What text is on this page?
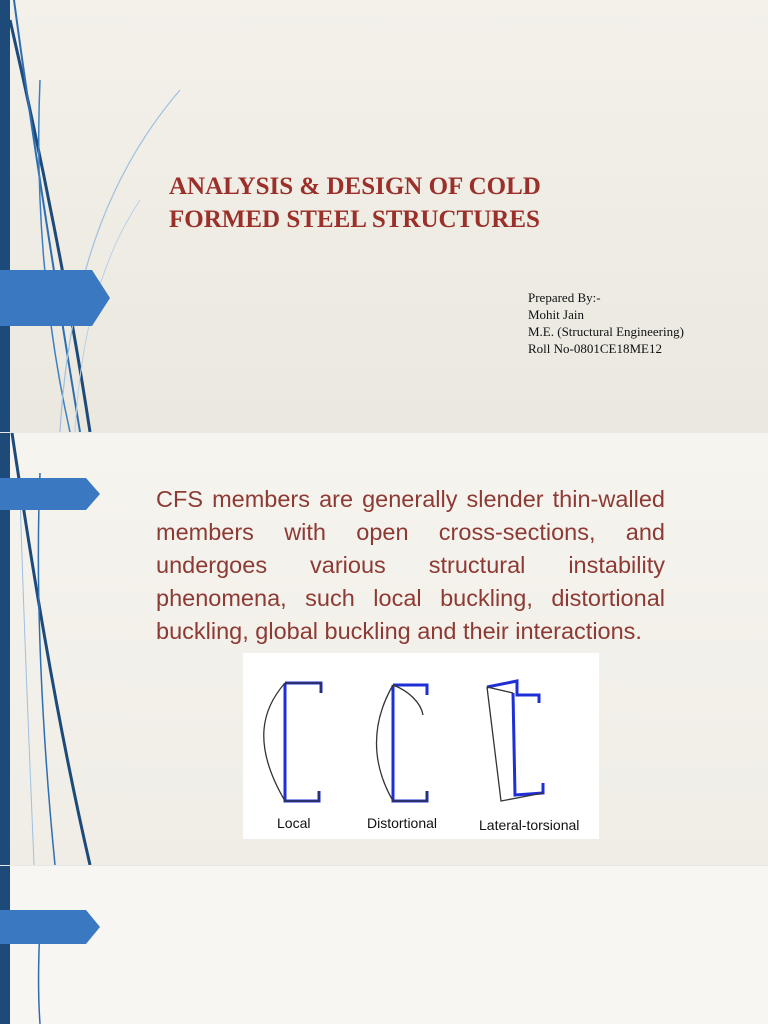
ANALYSIS & DESIGN OF COLD FORMED STEEL STRUCTURES
Prepared By:-
Mohit Jain
M.E. (Structural Engineering)
Roll No-0801CE18ME12
CFS members are generally slender thin-walled members with open cross-sections, and undergoes various structural instability phenomena, such local buckling, distortional buckling, global buckling and their interactions.
Local	Distortional	Lateral-torsional
